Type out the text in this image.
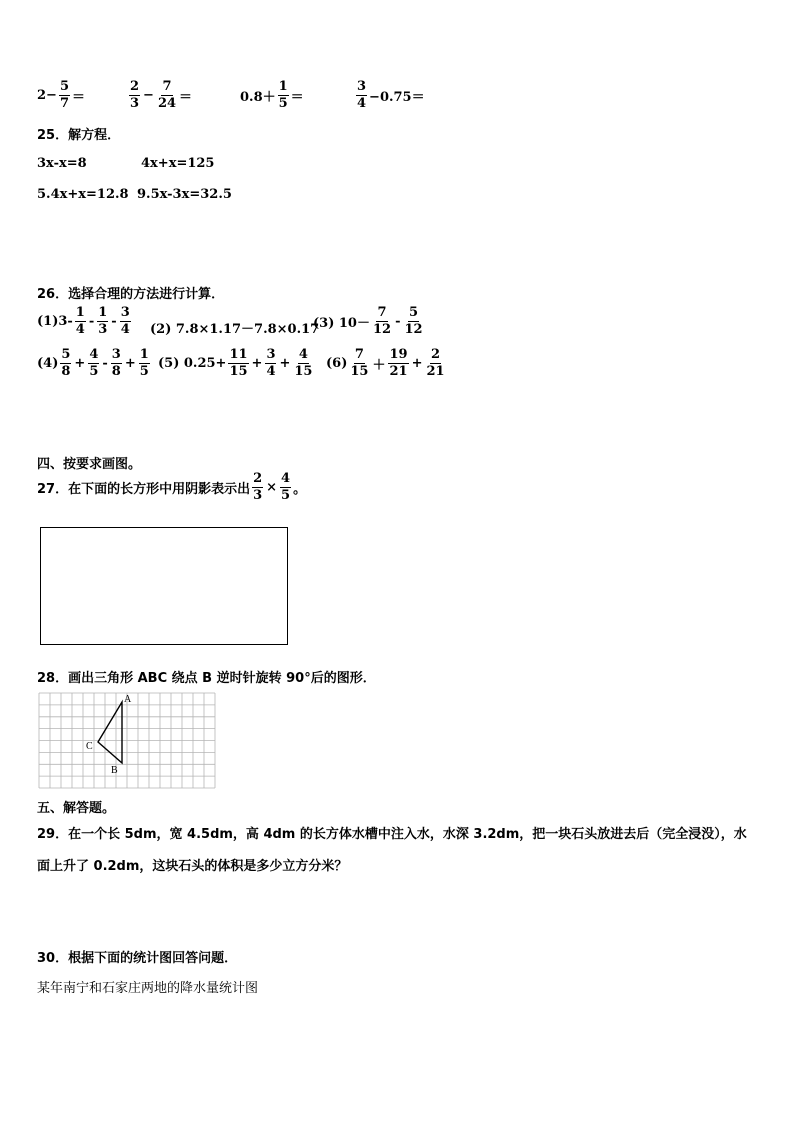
$2- \frac{5}{7}$ ＝	$\frac{2}{3} - \frac{7}{24}$ ＝	$0.8+ \frac{1}{5}$ ＝	$\frac{3}{4} -0.75=$
25．解方程．
3x-x=8	4x+x=125
5.4x+x=12.8 9.5x-3x=32.5
26．选择合理的方法进行计算．
$(1)3- \frac{1}{4} - \frac{1}{3} - \frac{3}{4} (2)$ 7.8×1.17－7.8×0.17
(3) $10- \frac{7}{12} - \frac{5}{12}$
$(4) \frac{5}{8} + \frac{4}{5} - \frac{3}{8} + \frac{1}{5} (5)$ $0.25+ \frac{11}{15} + \frac{3}{4} + \frac{4}{15} (6) \frac{7}{15} + \frac{19}{21} + \frac{2}{21}$
四、按要求画图。
27．在下面的长方形中用阴影表示出 $\frac{2}{3} \times \frac{4}{5}$ 。
28．画出三角形 ABC 绕点 B 逆时针旋转 90°后的图形．
A
B
C
五、解答题。
29．在一个长 5dm，宽 4.5dm，高 4dm 的长方体水槽中注入水，水深 3.2dm，把一块石头放进去后（完全浸没），水
面上升了 0.2dm，这块石头的体积是多少立方分米？
30．根据下面的统计图回答问题．
某年南宁和石家庄两地的降水量统计图
